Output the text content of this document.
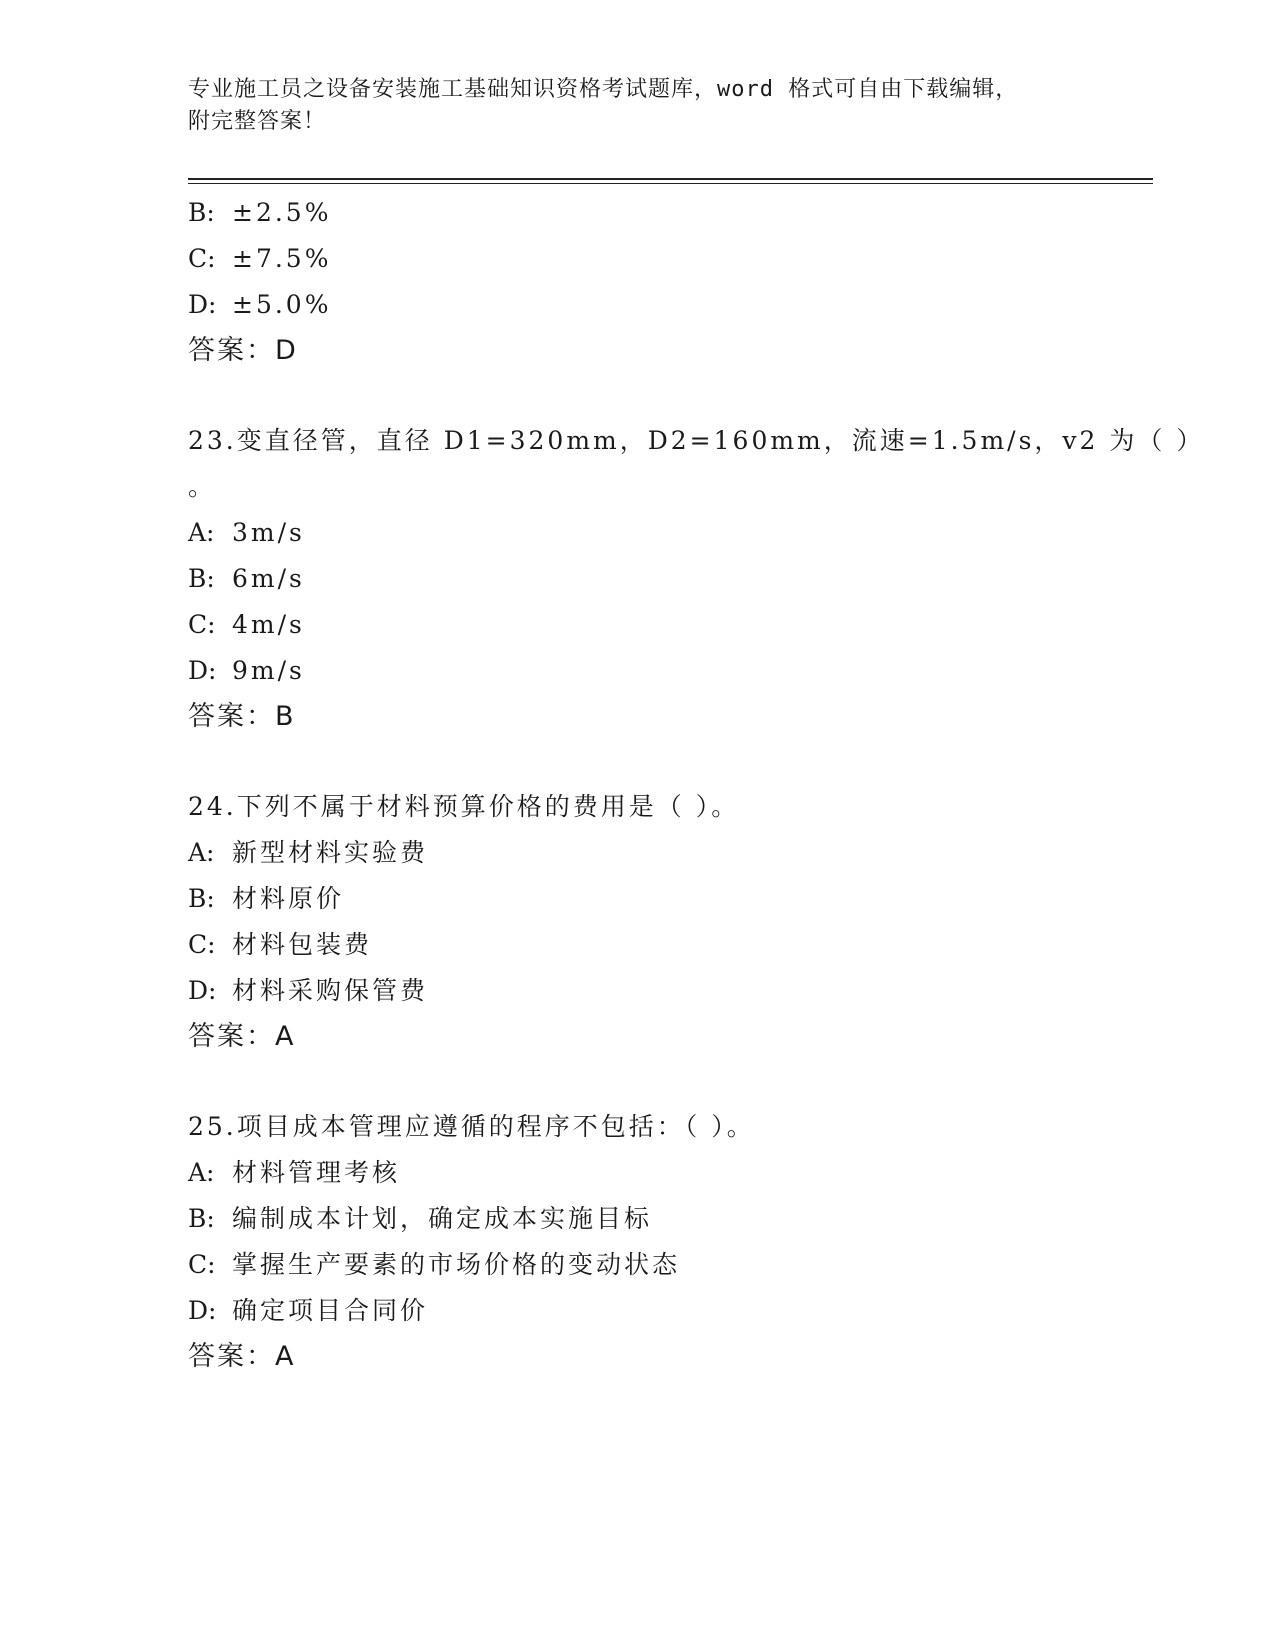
专业施工员之设备安装施工基础知识资格考试题库，word 格式可自由下载编辑，
附完整答案！
B: ±2.5%
C: ±7.5%
D: ±5.0%
答案：D
23.变直径管，直径 D1=320mm，D2=160mm，流速=1.5m/s，v2 为（ ）
。
A: 3m/s
B: 6m/s
C: 4m/s
D: 9m/s
答案：B
24.下列不属于材料预算价格的费用是（ ）。
A: 新型材料实验费
B: 材料原价
C: 材料包装费
D: 材料采购保管费
答案：A
25.项目成本管理应遵循的程序不包括：（ ）。
A: 材料管理考核
B: 编制成本计划，确定成本实施目标
C: 掌握生产要素的市场价格的变动状态
D: 确定项目合同价
答案：A
